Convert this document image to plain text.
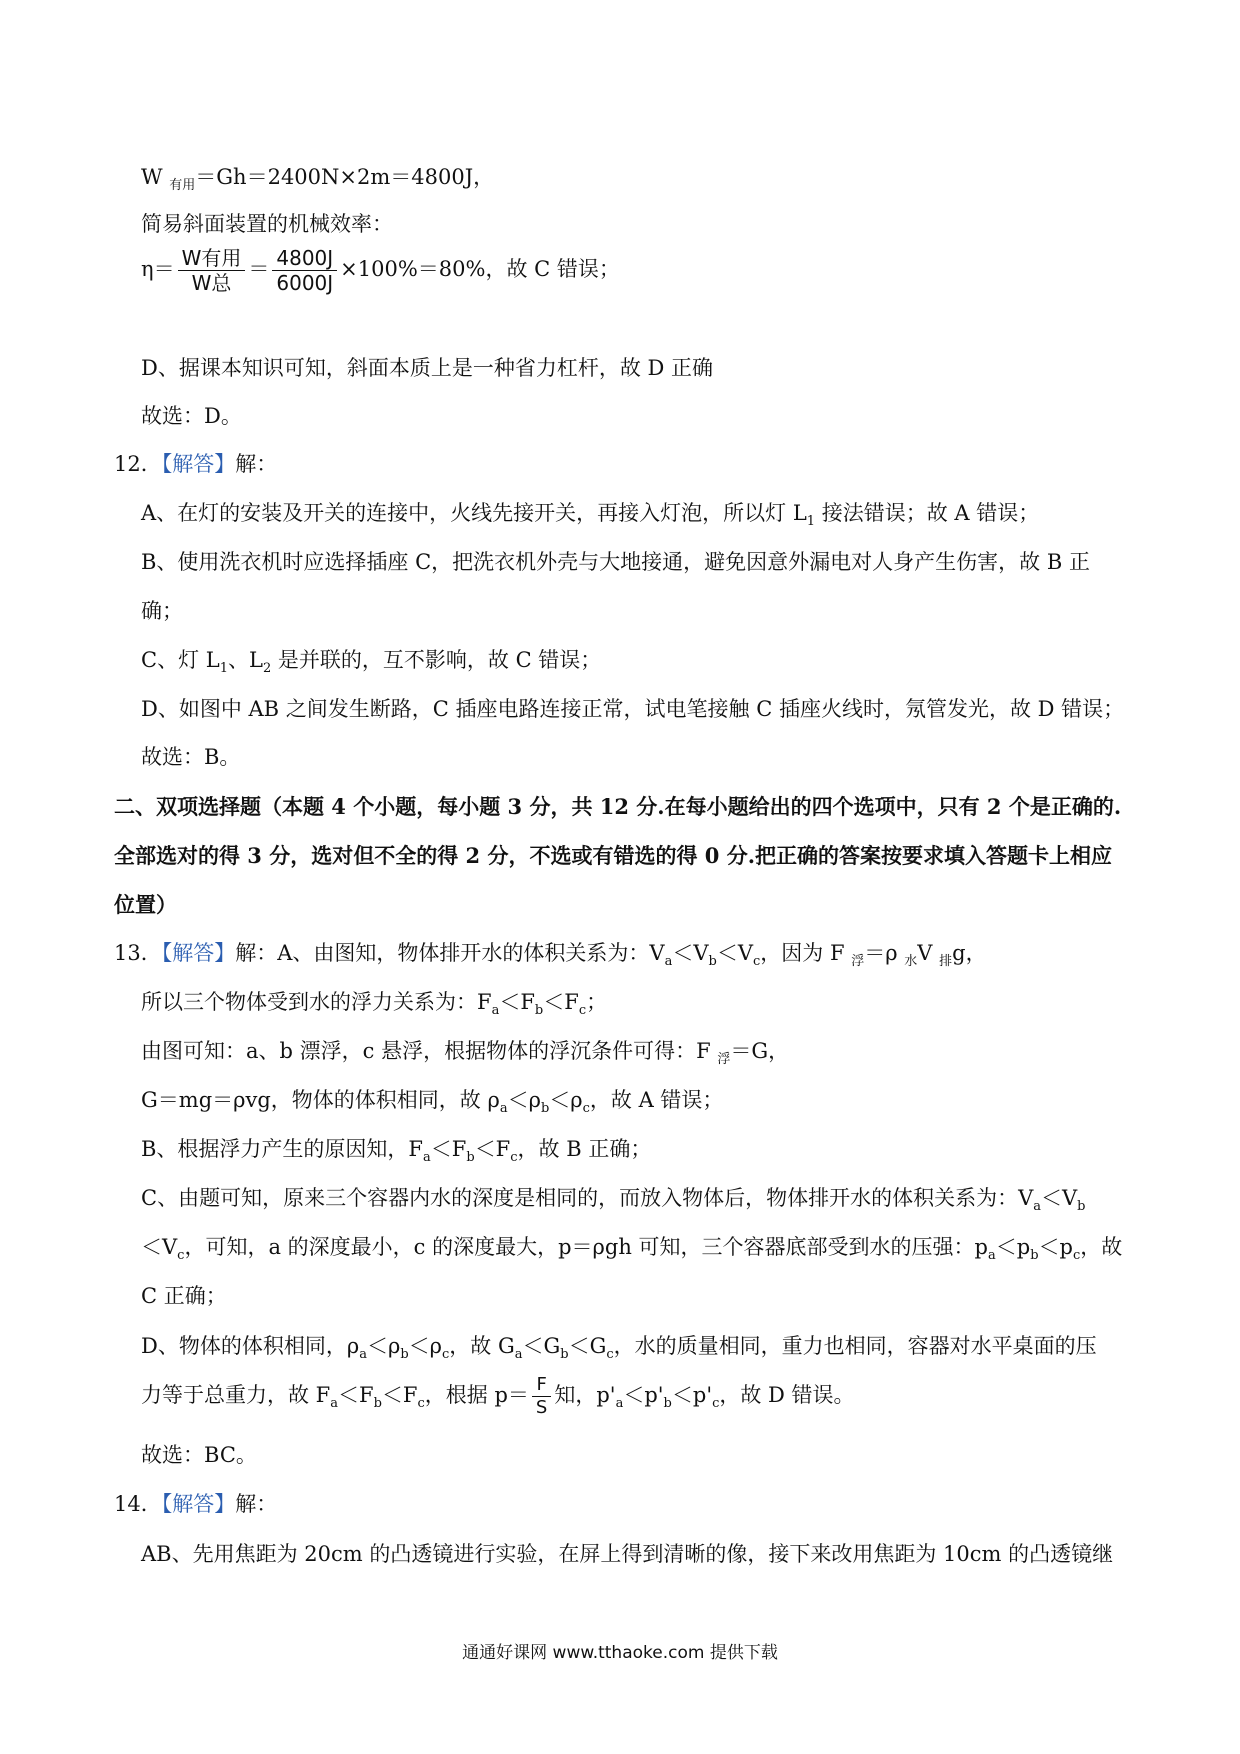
W $_{有用}$＝Gh＝2400N×2m＝4800J，
简易斜面装置的机械效率：
$\eta= \frac{\text{W有用}}{\text{W总}} = \frac{4800J}{6000J} \times 100\%=80\%$，故 C 错误；
D、据课本知识可知，斜面本质上是一种省力杠杆，故 D 正确
故选：D。
12．【解答】解：
A、在灯的安装及开关的连接中，火线先接开关，再接入灯泡，所以灯 $L_1$ 接法错误；故 A 错误；
B、使用洗衣机时应选择插座 C，把洗衣机外壳与大地接通，避免因意外漏电对人身产生伤害，故 B 正
确；
C、灯 $L_1$、$L_2$ 是并联的，互不影响，故 C 错误；
D、如图中 AB 之间发生断路，C 插座电路连接正常，试电笔接触 C 插座火线时，氖管发光，故 D 错误；
故选：B。
二、双项选择题（本题 4 个小题，每小题 3 分，共 12 分.在每小题给出的四个选项中，只有 2 个是正确的.
全部选对的得 3 分，选对但不全的得 2 分，不选或有错选的得 0 分.把正确的答案按要求填入答题卡上相应
位置）
13．【解答】解：A、由图知，物体排开水的体积关系为：$V_a<V_b<V_c$，因为 F $_浮$＝ρ $_水$V $_排$g，
所以三个物体受到水的浮力关系为：$F_a<F_b<F_c$；
由图可知：a、b 漂浮，c 悬浮，根据物体的浮沉条件可得：F $_浮$＝G，
G＝mg＝ρvg，物体的体积相同，故 $\rho_a<\rho_b<\rho_c$，故 A 错误；
B、根据浮力产生的原因知，$F_a<F_b<F_c$，故 B 正确；
C、由题可知，原来三个容器内水的深度是相同的，而放入物体后，物体排开水的体积关系为：$V_a<V_b$
$<V_c$，可知，a 的深度最小，c 的深度最大，p＝ρgh 可知，三个容器底部受到水的压强：$p_a<p_b<p_c$，故
C 正确；
D、物体的体积相同，$\rho_a<\rho_b<\rho_c$，故 $G_a<G_b<G_c$，水的质量相同，重力也相同，容器对水平桌面的压
力等于总重力，故 $F_a<F_b<F_c$，根据 $p= \frac{F}{S}$ 知，$p'_a<p'_b<p'_c$，故 D 错误。
故选：BC。
14．【解答】解：
AB、先用焦距为 20cm 的凸透镜进行实验，在屏上得到清晰的像，接下来改用焦距为 10cm 的凸透镜继
通通好课网 www.tthaoke.com 提供下载
